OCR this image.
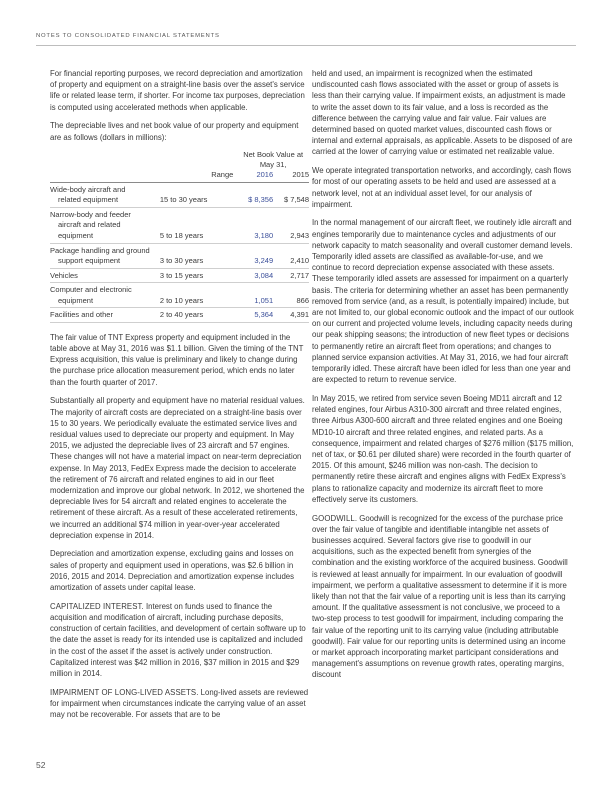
NOTES TO CONSOLIDATED FINANCIAL STATEMENTS

For financial reporting purposes, we record depreciation and amortization of property and equipment on a straight-line basis over the asset's service life or related lease term, if shorter. For income tax purposes, depreciation is computed using accelerated methods when applicable.

The depreciable lives and net book value of our property and equipment are as follows (dollars in millions):

		Net Book Value at May 31,	
	Range	2016	2015
Wide-body aircraft and
related equipment	15 to 30 years	$ 8,356	$ 7,548
Narrow-body and feeder
aircraft and related equipment	5 to 18 years	3,180	2,943
Package handling and ground
support equipment	3 to 30 years	3,249	2,410
Vehicles	3 to 15 years	3,084	2,717
Computer and electronic
equipment	2 to 10 years	1,051	866
Facilities and other	2 to 40 years	5,364	4,391

The fair value of TNT Express property and equipment included in the table above at May 31, 2016 was $1.1 billion. Given the timing of the TNT Express acquisition, this value is preliminary and likely to change during the purchase price allocation measurement period, which ends no later than the fourth quarter of 2017.

Substantially all property and equipment have no material residual values. The majority of aircraft costs are depreciated on a straight-line basis over 15 to 30 years. We periodically evaluate the estimated service lives and residual values used to depreciate our property and equipment. In May 2015, we adjusted the depreciable lives of 23 aircraft and 57 engines. These changes will not have a material impact on near-term depreciation expense. In May 2013, FedEx Express made the decision to accelerate the retirement of 76 aircraft and related engines to aid in our fleet modernization and improve our global network. In 2012, we shortened the depreciable lives for 54 aircraft and related engines to accelerate the retirement of these aircraft. As a result of these accelerated retirements, we incurred an additional $74 million in year-over-year accelerated depreciation expense in 2014.

Depreciation and amortization expense, excluding gains and losses on sales of property and equipment used in operations, was $2.6 billion in 2016, 2015 and 2014. Depreciation and amortization expense includes amortization of assets under capital lease.

CAPITALIZED INTEREST. Interest on funds used to finance the acquisition and modification of aircraft, including purchase deposits, construction of certain facilities, and development of certain software up to the date the asset is ready for its intended use is capitalized and included in the cost of the asset if the asset is actively under construction. Capitalized interest was $42 million in 2016, $37 million in 2015 and $29 million in 2014.

IMPAIRMENT OF LONG-LIVED ASSETS. Long-lived assets are reviewed for impairment when circumstances indicate the carrying value of an asset may not be recoverable. For assets that are to be

held and used, an impairment is recognized when the estimated undiscounted cash flows associated with the asset or group of assets is less than their carrying value. If impairment exists, an adjustment is made to write the asset down to its fair value, and a loss is recorded as the difference between the carrying value and fair value. Fair values are determined based on quoted market values, discounted cash flows or internal and external appraisals, as applicable. Assets to be disposed of are carried at the lower of carrying value or estimated net realizable value.

We operate integrated transportation networks, and accordingly, cash flows for most of our operating assets to be held and used are assessed at a network level, not at an individual asset level, for our analysis of impairment.

In the normal management of our aircraft fleet, we routinely idle aircraft and engines temporarily due to maintenance cycles and adjustments of our network capacity to match seasonality and overall customer demand levels. Temporarily idled assets are classified as available-for-use, and we continue to record depreciation expense associated with these assets. These temporarily idled assets are assessed for impairment on a quarterly basis. The criteria for determining whether an asset has been permanently removed from service (and, as a result, is potentially impaired) include, but are not limited to, our global economic outlook and the impact of our outlook on our current and projected volume levels, including capacity needs during our peak shipping seasons; the introduction of new fleet types or decisions to permanently retire an aircraft fleet from operations; and changes to planned service expansion activities. At May 31, 2016, we had four aircraft temporarily idled. These aircraft have been idled for less than one year and are expected to return to revenue service.

In May 2015, we retired from service seven Boeing MD11 aircraft and 12 related engines, four Airbus A310-300 aircraft and three related engines, three Airbus A300-600 aircraft and three related engines and one Boeing MD10-10 aircraft and three related engines, and related parts. As a consequence, impairment and related charges of $276 million ($175 million, net of tax, or $0.61 per diluted share) were recorded in the fourth quarter of 2015. Of this amount, $246 million was non-cash. The decision to permanently retire these aircraft and engines aligns with FedEx Express's plans to rationalize capacity and modernize its aircraft fleet to more effectively serve its customers.

GOODWILL. Goodwill is recognized for the excess of the purchase price over the fair value of tangible and identifiable intangible net assets of businesses acquired. Several factors give rise to goodwill in our acquisitions, such as the expected benefit from synergies of the combination and the existing workforce of the acquired business. Goodwill is reviewed at least annually for impairment. In our evaluation of goodwill impairment, we perform a qualitative assessment to determine if it is more likely than not that the fair value of a reporting unit is less than its carrying amount. If the qualitative assessment is not conclusive, we proceed to a two-step process to test goodwill for impairment, including comparing the fair value of the reporting unit to its carrying value (including attributable goodwill). Fair value for our reporting units is determined using an income or market approach incorporating market participant considerations and management's assumptions on revenue growth rates, operating margins, discount

52
